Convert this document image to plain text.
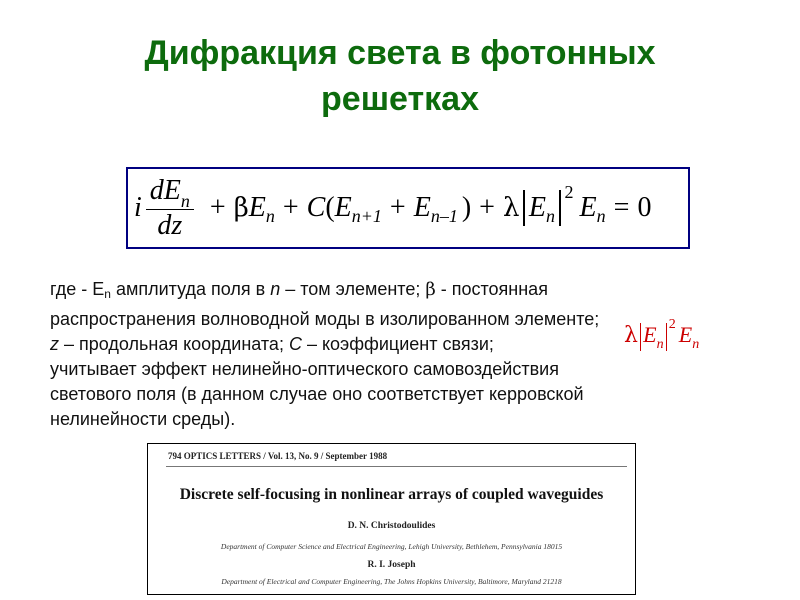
Дифракция света в фотонных
решетках
i $\frac{dE_n}{dz} + \beta$ E n + C ( E n+1 + E n–1 ) + λ E n
2
E n = 0
где - En амплитуда поля в n – том элементе; β - постоянная
распространения волноводной моды в изолированном элементе;
z – продольная координата; C – коэффициент связи;
учитывает эффект нелинейно-оптического самовоздействия
светового поля (в данном случае оно соответствует керровской
нелинейности среды).
λ $E_n^2$ $E_n$
794 OPTICS LETTERS / Vol. 13, No. 9 / September 1988
Discrete self-focusing in nonlinear arrays of coupled waveguides
D. N. Christodoulides
Department of Computer Science and Electrical Engineering, Lehigh University, Bethlehem, Pennsylvania 18015
R. I. Joseph
Department of Electrical and Computer Engineering, The Johns Hopkins University, Baltimore, Maryland 21218
